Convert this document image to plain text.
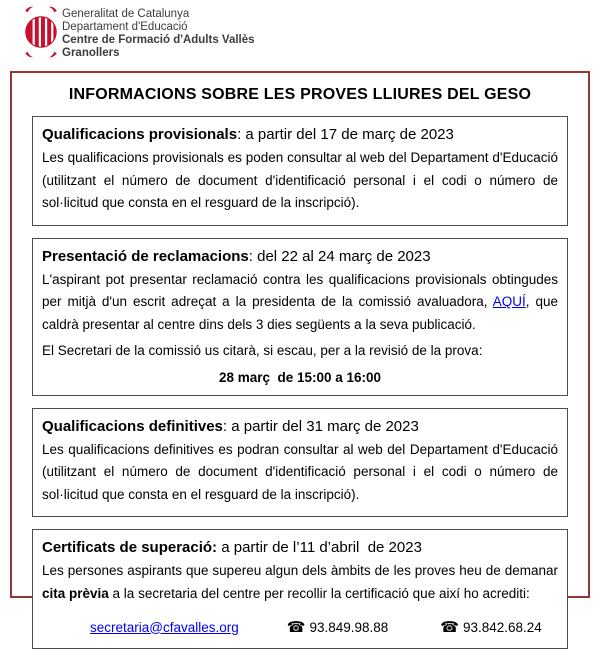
Generalitat de Catalunya
Departament d'Educació
Centre de Formació d'Adults Vallès
Granollers
INFORMACIONS SOBRE LES PROVES LLIURES DEL GESO

Qualificacions provisionals: a partir del 17 de març de 2023

Les qualificacions provisionals es poden consultar al web del Departament d'Educació (utilitzant el número de document d'identificació personal i el codi o número de sol·licitud que consta en el resguard de la inscripció).

Presentació de reclamacions: del 22 al 24 març de 2023

L'aspirant pot presentar reclamació contra les qualificacions provisionals obtingudes per mitjà d'un escrit adreçat a la presidenta de la comissió avaluadora, AQUÍ, que caldrà presentar al centre dins dels 3 dies següents a la seva publicació.

El Secretari de la comissió us citarà, si escau, per a la revisió de la prova:

28 març  de 15:00 a 16:00

Qualificacions definitives: a partir del 31 març de 2023

Les qualificacions definitives es podran consultar al web del Departament d'Educació (utilitzant el número de document d'identificació personal i el codi o número de sol·licitud que consta en el resguard de la inscripció).

Certificats de superació: a partir de l’11 d’abril  de 2023

Les persones aspirants que supereu algun dels àmbits de les proves heu de demanar cita prèvia a la secretaria del centre per recollir la certificació que així ho acrediti:

secretaria@cfavalles.org	☎ 93.849.98.88	☎ 93.842.68.24
